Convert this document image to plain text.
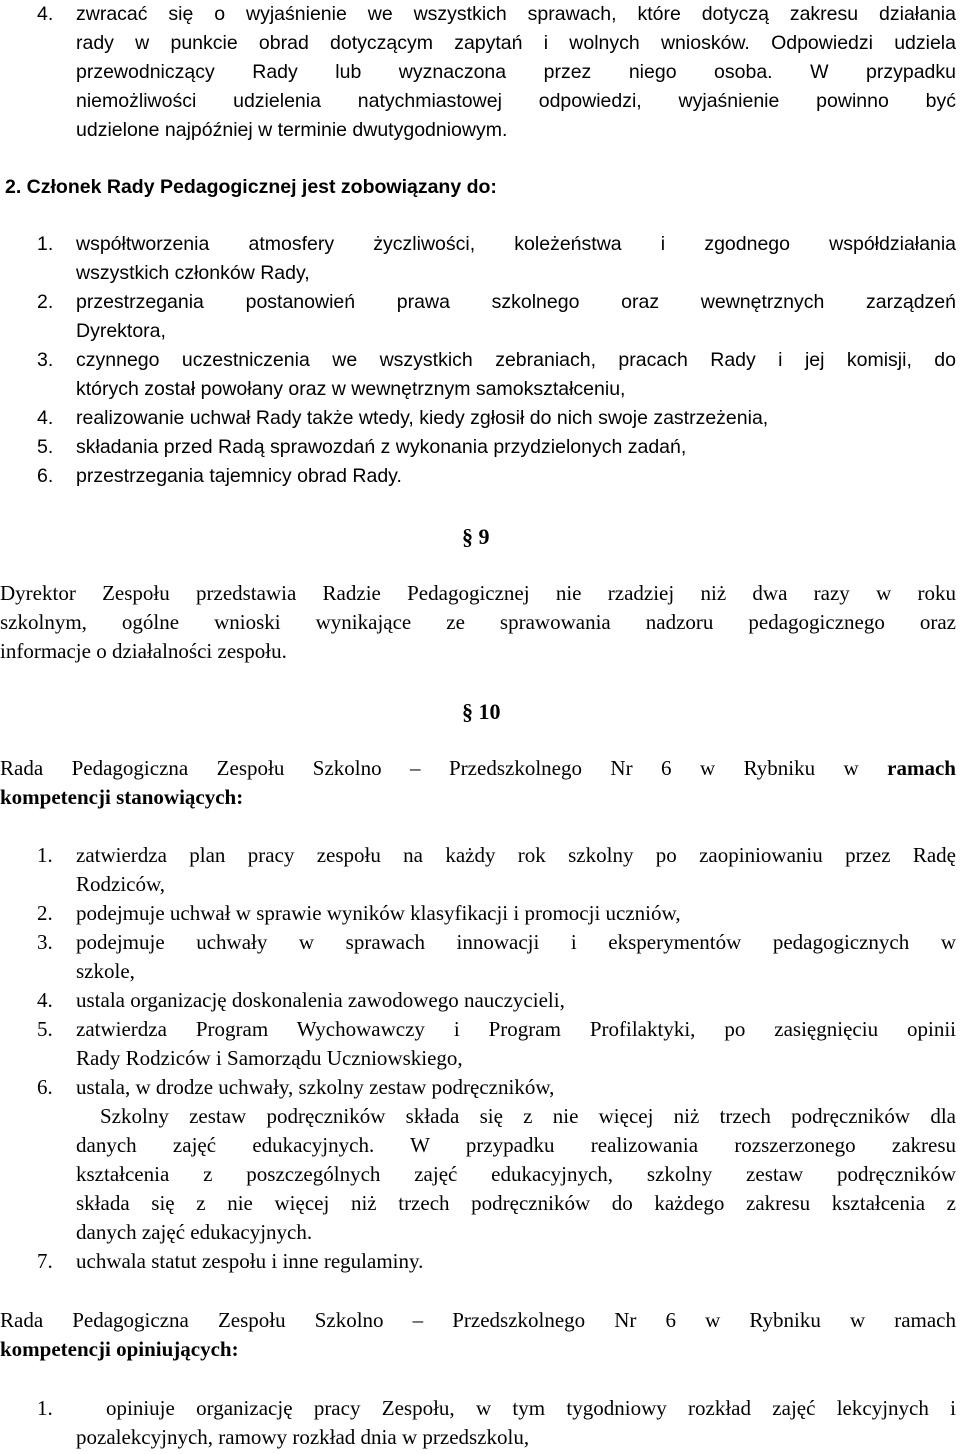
4. zwracać się o wyjaśnienie we wszystkich sprawach, które dotyczą zakresu działania
rady w punkcie obrad dotyczącym zapytań i wolnych wniosków. Odpowiedzi udziela
przewodniczący Rady lub wyznaczona przez niego osoba. W przypadku
niemożliwości udzielenia natychmiastowej odpowiedzi, wyjaśnienie powinno być
udzielone najpóźniej w terminie dwutygodniowym.
2. Członek Rady Pedagogicznej jest zobowiązany do:
1. współtworzenia atmosfery życzliwości, koleżeństwa i zgodnego współdziałania
wszystkich członków Rady,
2. przestrzegania postanowień prawa szkolnego oraz wewnętrznych zarządzeń
Dyrektora,
3. czynnego uczestniczenia we wszystkich zebraniach, pracach Rady i jej komisji, do
których został powołany oraz w wewnętrznym samokształceniu,
4. realizowanie uchwał Rady także wtedy, kiedy zgłosił do nich swoje zastrzeżenia,
5. składania przed Radą sprawozdań z wykonania przydzielonych zadań,
6. przestrzegania tajemnicy obrad Rady.
§ 9
Dyrektor Zespołu przedstawia Radzie Pedagogicznej nie rzadziej niż dwa razy w roku
szkolnym, ogólne wnioski wynikające ze sprawowania nadzoru pedagogicznego oraz
informacje o działalności zespołu.
§ 10
Rada Pedagogiczna Zespołu Szkolno – Przedszkolnego Nr 6 w Rybniku w ramach
kompetencji stanowiących:
1. zatwierdza plan pracy zespołu na każdy rok szkolny po zaopiniowaniu przez Radę
Rodziców,
2. podejmuje uchwał w sprawie wyników klasyfikacji i promocji uczniów,
3. podejmuje uchwały w sprawach innowacji i eksperymentów pedagogicznych w
szkole,
4. ustala organizację doskonalenia zawodowego nauczycieli,
5. zatwierdza Program Wychowawczy i Program Profilaktyki, po zasięgnięciu opinii
Rady Rodziców i Samorządu Uczniowskiego,
6. ustala, w drodze uchwały, szkolny zestaw podręczników,
Szkolny zestaw podręczników składa się z nie więcej niż trzech podręczników dla
danych zajęć edukacyjnych. W przypadku realizowania rozszerzonego zakresu
kształcenia z poszczególnych zajęć edukacyjnych, szkolny zestaw podręczników
składa się z nie więcej niż trzech podręczników do każdego zakresu kształcenia z
danych zajęć edukacyjnych.
7. uchwala statut zespołu i inne regulaminy.
Rada Pedagogiczna Zespołu Szkolno – Przedszkolnego Nr 6 w Rybniku w ramach
kompetencji opiniujących:
1.	opiniuje organizację pracy Zespołu, w tym tygodniowy rozkład zajęć lekcyjnych i
pozalekcyjnych, ramowy rozkład dnia w przedszkolu,
